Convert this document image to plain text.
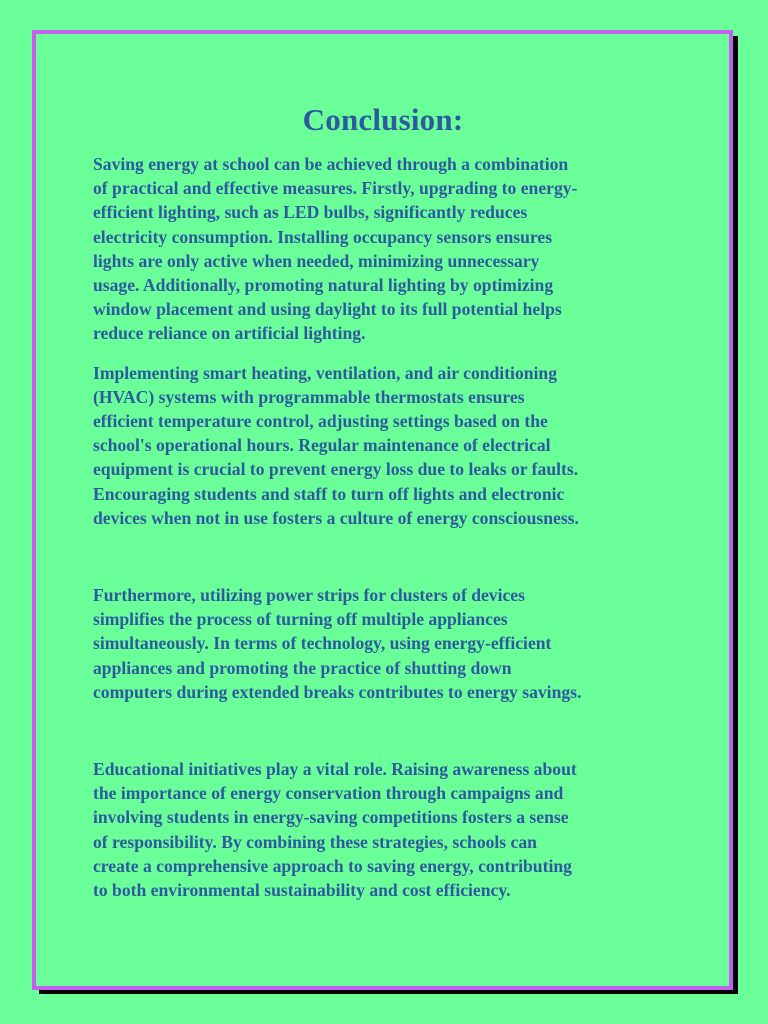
Conclusion:

Saving energy at school can be achieved through a combination
of practical and effective measures. Firstly, upgrading to energy-
efficient lighting, such as LED bulbs, significantly reduces
electricity consumption. Installing occupancy sensors ensures
lights are only active when needed, minimizing unnecessary
usage. Additionally, promoting natural lighting by optimizing
window placement and using daylight to its full potential helps
reduce reliance on artificial lighting.

Implementing smart heating, ventilation, and air conditioning
(HVAC) systems with programmable thermostats ensures
efficient temperature control, adjusting settings based on the
school's operational hours. Regular maintenance of electrical
equipment is crucial to prevent energy loss due to leaks or faults.
Encouraging students and staff to turn off lights and electronic
devices when not in use fosters a culture of energy consciousness.

Furthermore, utilizing power strips for clusters of devices
simplifies the process of turning off multiple appliances
simultaneously. In terms of technology, using energy-efficient
appliances and promoting the practice of shutting down
computers during extended breaks contributes to energy savings.

Educational initiatives play a vital role. Raising awareness about
the importance of energy conservation through campaigns and
involving students in energy-saving competitions fosters a sense
of responsibility. By combining these strategies, schools can
create a comprehensive approach to saving energy, contributing
to both environmental sustainability and cost efficiency.
